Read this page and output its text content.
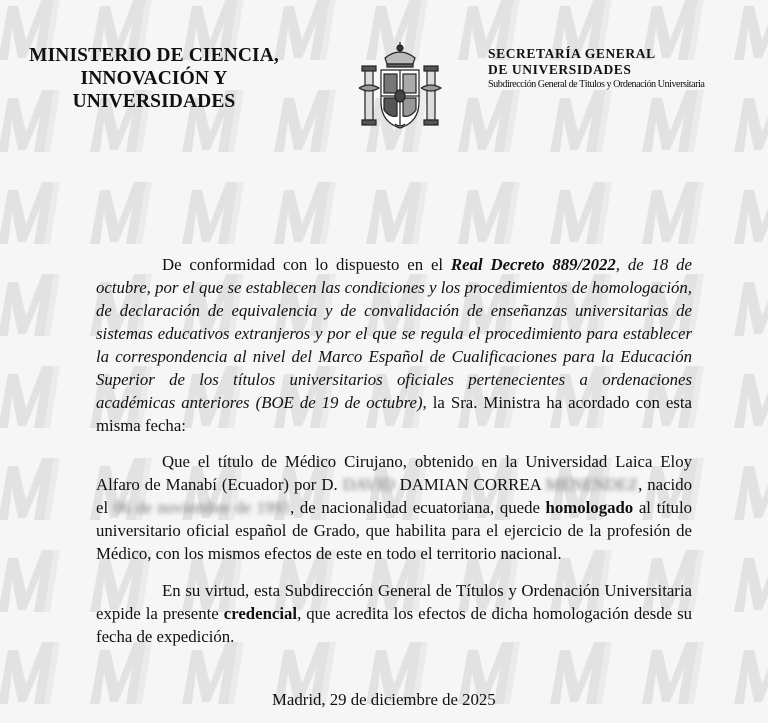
MINISTERIO DE CIENCIA,
INNOVACIÓN Y
UNIVERSIDADES
SECRETARÍA GENERAL
DE UNIVERSIDADES
Subdirección General de Títulos y Ordenación Universitaria
De conformidad con lo dispuesto en el Real Decreto 889/2022, de 18 de octubre, por el que se establecen las condiciones y los procedimientos de homologación, de declaración de equivalencia y de convalidación de enseñanzas universitarias de sistemas educativos extranjeros y por el que se regula el procedimiento para establecer la correspondencia al nivel del Marco Español de Cualificaciones para la Educación Superior de los títulos universitarios oficiales pertenecientes a ordenaciones académicas anteriores (BOE de 19 de octubre), la Sra. Ministra ha acordado con esta misma fecha:
Que el título de Médico Cirujano, obtenido en la Universidad Laica Eloy Alfaro de Manabí (Ecuador) por D. DAVID DAMIAN CORREA MENENDEZ, nacido el 06 de noviembre de 1993, de nacionalidad ecuatoriana, quede homologado al título universitario oficial español de Grado, que habilita para el ejercicio de la profesión de Médico, con los mismos efectos de este en todo el territorio nacional.
En su virtud, esta Subdirección General de Títulos y Ordenación Universitaria expide la presente credencial, que acredita los efectos de dicha homologación desde su fecha de expedición.
Madrid, 29 de diciembre de 2025
